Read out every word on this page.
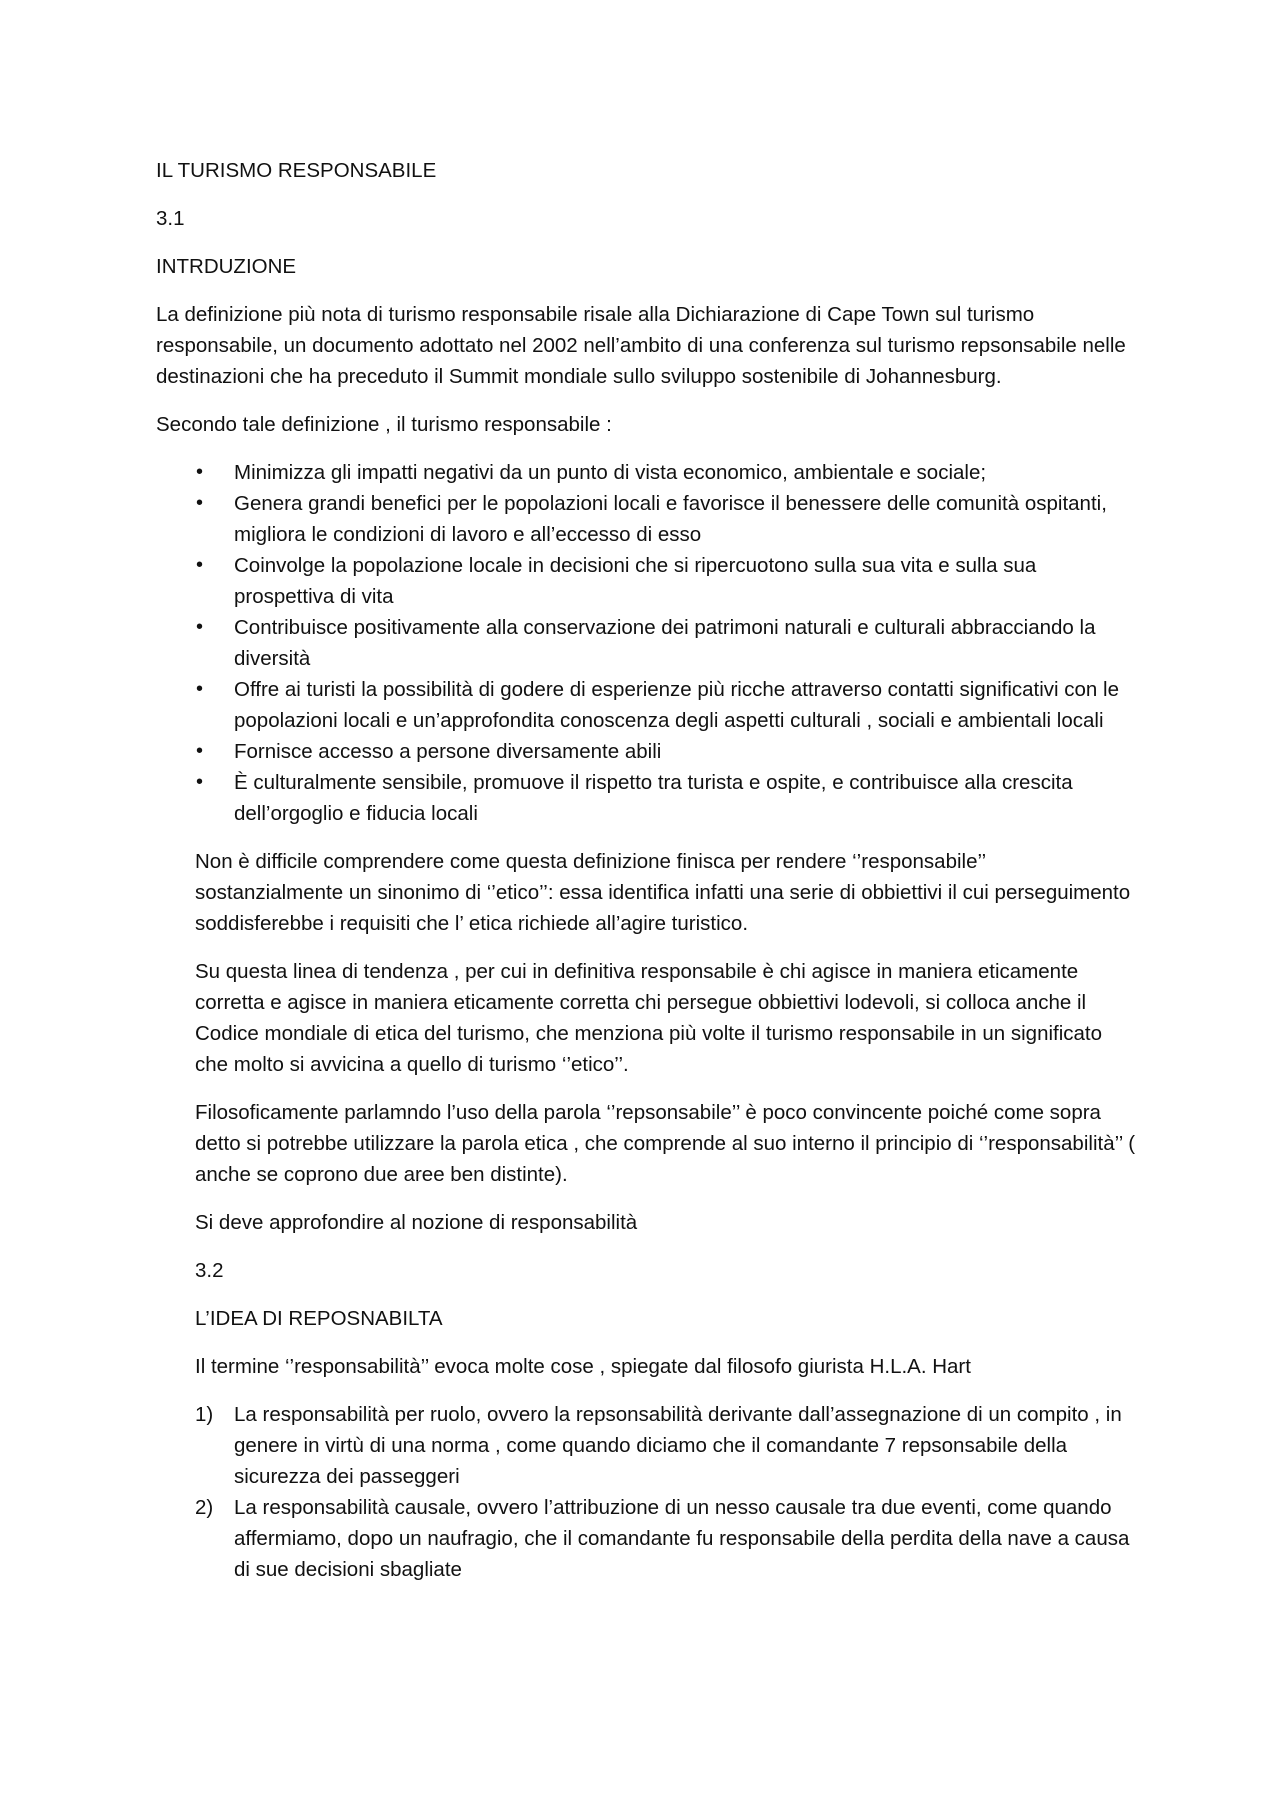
IL TURISMO RESPONSABILE

3.1

INTRDUZIONE

La definizione più nota di turismo responsabile risale alla Dichiarazione di Cape Town sul turismo responsabile, un documento adottato nel 2002 nell’ambito di una conferenza sul turismo repsonsabile nelle destinazioni che ha preceduto il Summit mondiale sullo sviluppo sostenibile di Johannesburg.

Secondo tale definizione , il turismo responsabile :

• Minimizza gli impatti negativi da un punto di vista economico, ambientale e sociale;
• Genera grandi benefici per le popolazioni locali e favorisce il benessere delle comunità ospitanti, migliora le condizioni di lavoro e all’eccesso di esso
• Coinvolge la popolazione locale in decisioni che si ripercuotono sulla sua vita e sulla sua prospettiva di vita
• Contribuisce positivamente alla conservazione dei patrimoni naturali e culturali abbracciando la diversità
• Offre ai turisti la possibilità di godere di esperienze più ricche attraverso contatti significativi con le popolazioni locali e un’approfondita conoscenza degli aspetti culturali , sociali e ambientali locali
• Fornisce accesso a persone diversamente abili
• È culturalmente sensibile, promuove il rispetto tra turista e ospite, e contribuisce alla crescita dell’orgoglio e fiducia locali

Non è difficile comprendere come questa definizione finisca per rendere ‘’responsabile’’ sostanzialmente un sinonimo di ‘’etico’’: essa identifica infatti una serie di obbiettivi il cui perseguimento soddisferebbe i requisiti che l’ etica richiede all’agire turistico.

Su questa linea di tendenza , per cui in definitiva responsabile è chi agisce in maniera eticamente corretta e agisce in maniera eticamente corretta chi persegue obbiettivi lodevoli, si colloca anche il Codice mondiale di etica del turismo, che menziona più volte il turismo responsabile in un significato che molto si avvicina a quello di turismo ‘’etico’’.

Filosoficamente parlamndo l’uso della parola ‘’repsonsabile’’ è poco convincente poiché come sopra detto si potrebbe utilizzare la parola etica , che comprende al suo interno il principio di ‘’responsabilità’’ ( anche se coprono due aree ben distinte).

Si deve approfondire al nozione di responsabilità

3.2

L’IDEA DI REPOSNABILTA

Il termine ‘’responsabilità’’ evoca molte cose , spiegate dal filosofo giurista H.L.A. Hart

1) La responsabilità per ruolo, ovvero la repsonsabilità derivante dall’assegnazione di un compito , in genere in virtù di una norma , come quando diciamo che il comandante 7 repsonsabile della sicurezza dei passeggeri
2) La responsabilità causale, ovvero l’attribuzione di un nesso causale tra due eventi, come quando affermiamo, dopo un naufragio, che il comandante fu responsabile della perdita della nave a causa di sue decisioni sbagliate
